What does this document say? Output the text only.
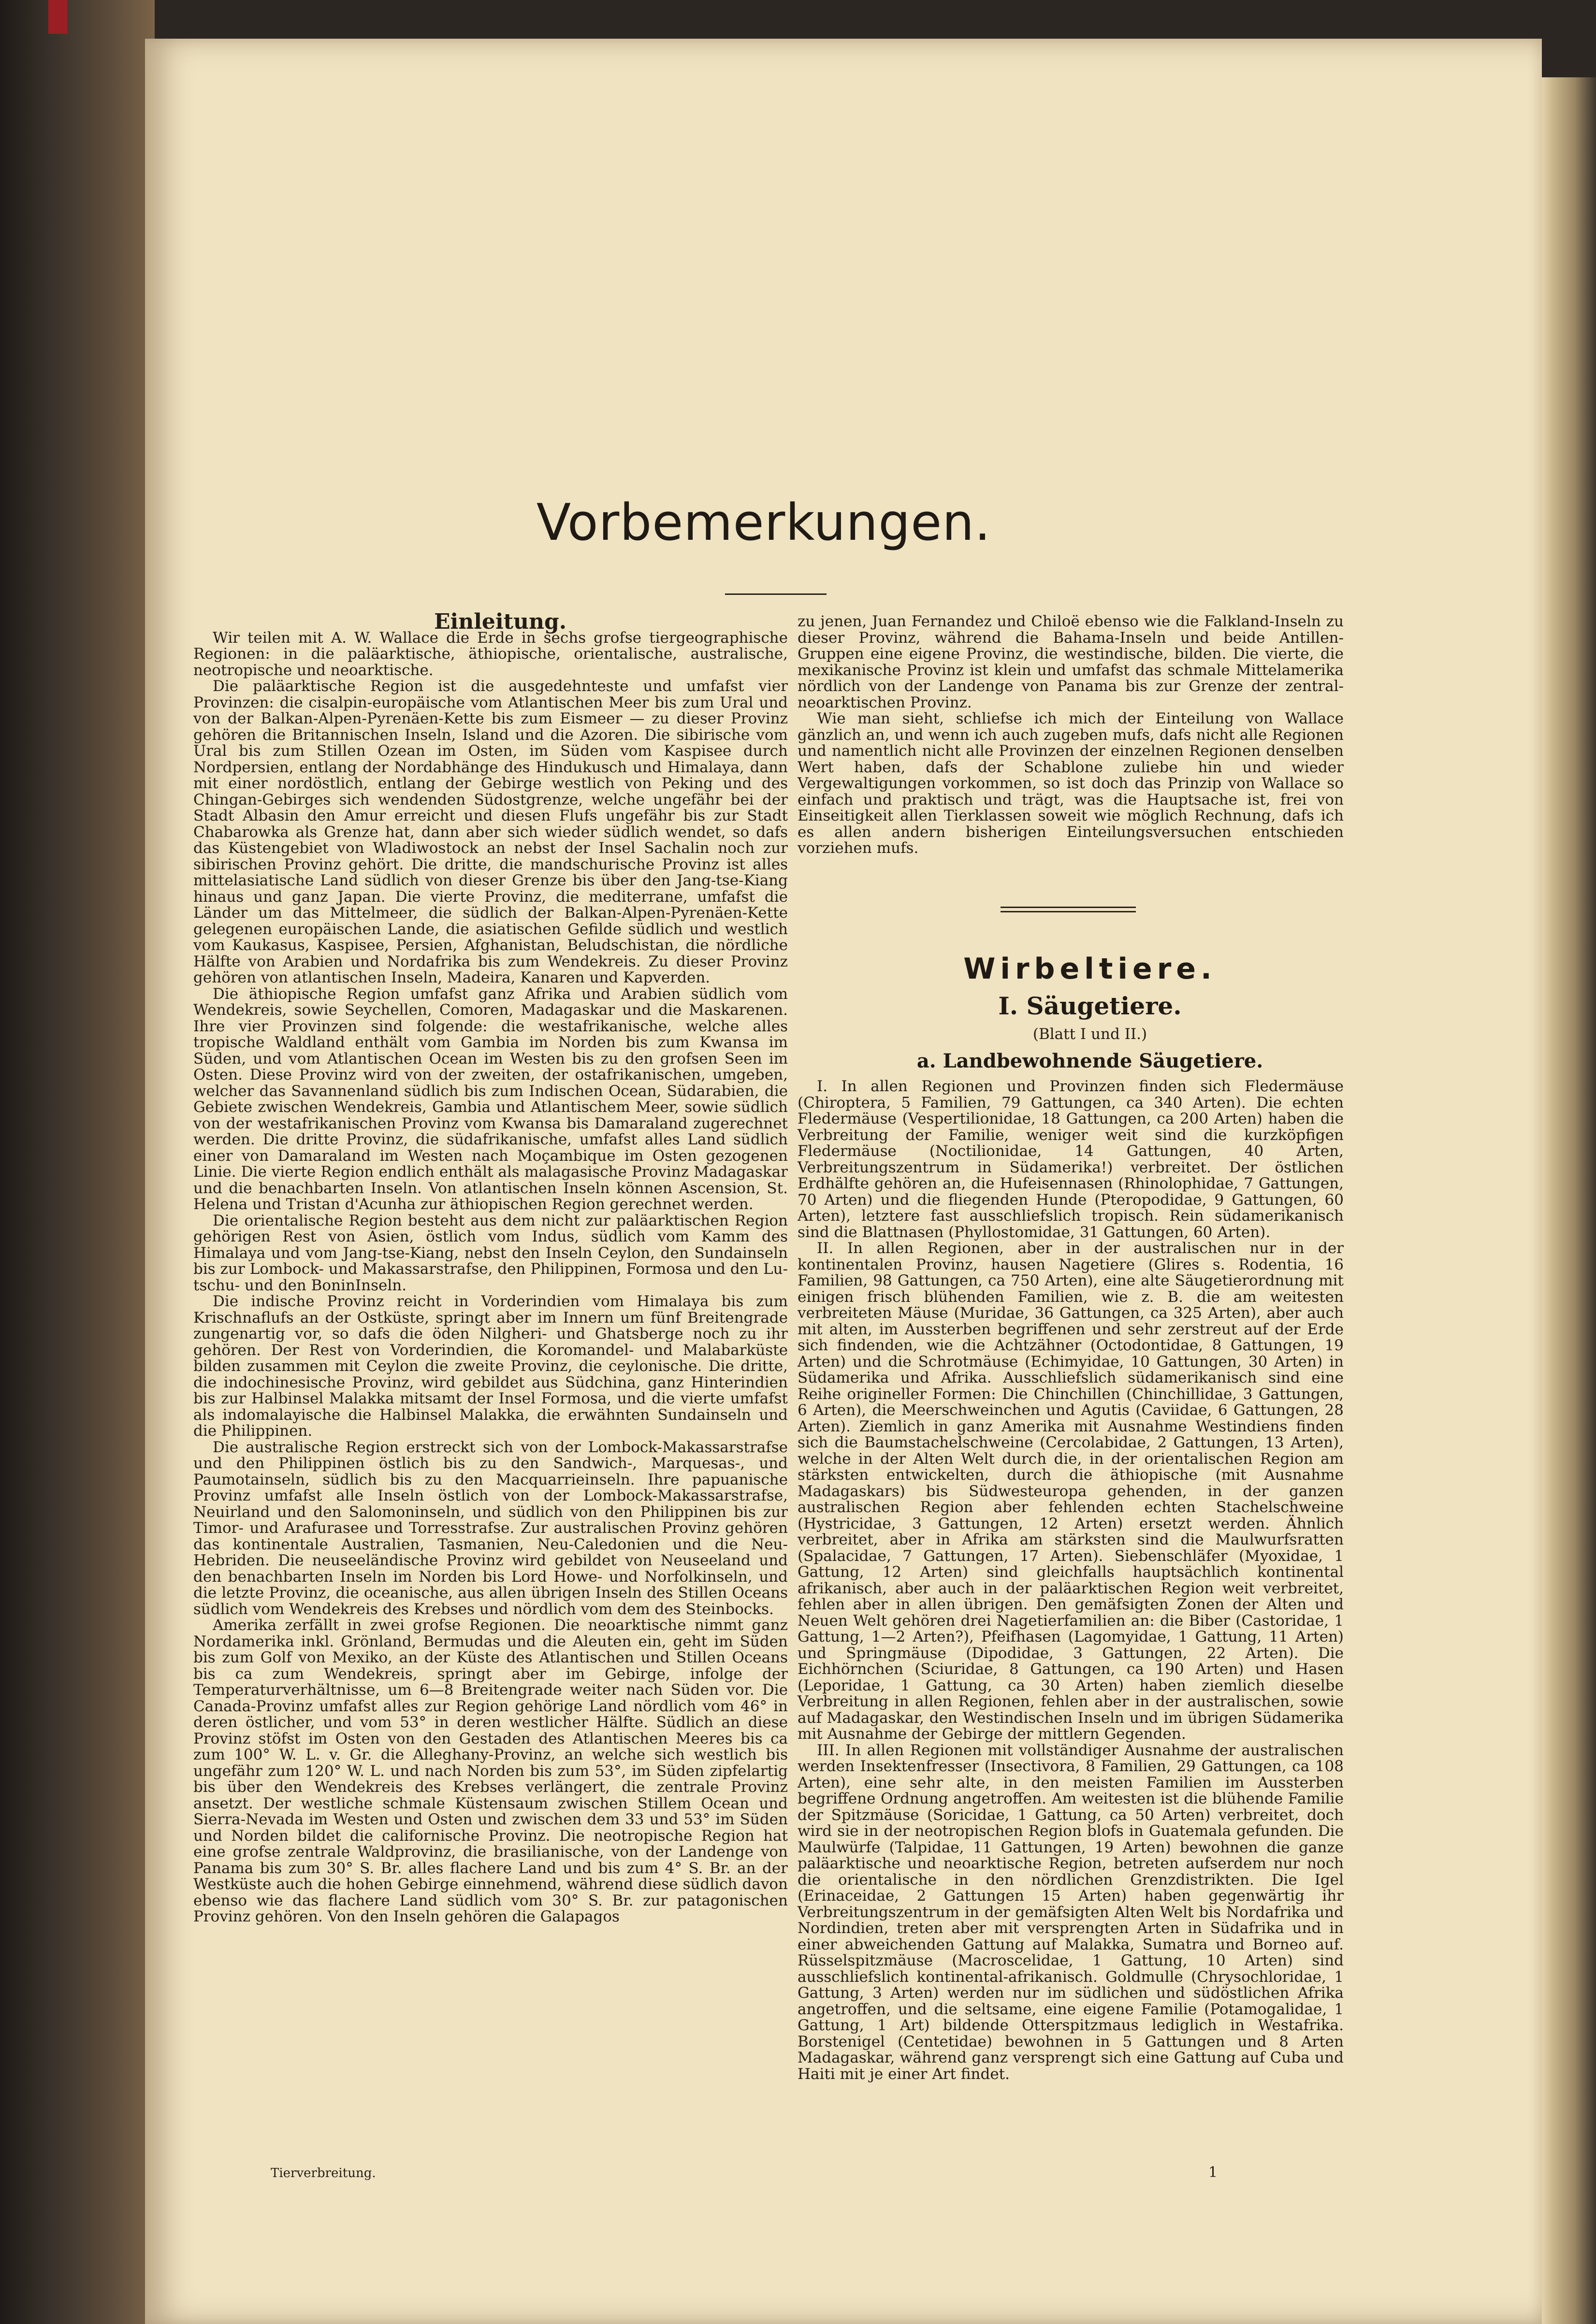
Vorbemerkungen.

Einleitung.

Wir teilen mit A. W. Wallace die Erde in sechs grofse tiergeographische Regionen: in die paläarktische, äthiopische, orientalische, australische, neotropische und neoarktische.

Die paläarktische Region ist die ausgedehnteste und umfafst vier Provinzen: die cisalpin-europäische vom Atlantischen Meer bis zum Ural und von der Balkan-Alpen-Pyrenäen-Kette bis zum Eismeer — zu dieser Provinz gehören die Britannischen Inseln, Island und die Azoren. Die sibirische vom Ural bis zum Stillen Ozean im Osten, im Süden vom Kaspisee durch Nordpersien, entlang der Nordabhänge des Hindukusch und Himalaya, dann mit einer nordöstlich, entlang der Gebirge westlich von Peking und des Chingan-Gebirges sich wendenden Südostgrenze, welche ungefähr bei der Stadt Albasin den Amur erreicht und diesen Flufs ungefähr bis zur Stadt Chabarowka als Grenze hat, dann aber sich wieder südlich wendet, so dafs das Küstengebiet von Wladiwostock an nebst der Insel Sachalin noch zur sibirischen Provinz gehört. Die dritte, die mandschurische Provinz ist alles mittelasiatische Land südlich von dieser Grenze bis über den Jang-tse-Kiang hinaus und ganz Japan. Die vierte Provinz, die mediterrane, umfafst die Länder um das Mittelmeer, die südlich der Balkan-Alpen-Pyrenäen-Kette gelegenen europäischen Lande, die asiatischen Gefilde südlich und westlich vom Kaukasus, Kaspisee, Persien, Afghanistan, Beludschistan, die nördliche Hälfte von Arabien und Nordafrika bis zum Wendekreis. Zu dieser Provinz gehören von atlantischen Inseln, Madeira, Kanaren und Kapverden.

Die äthiopische Region umfafst ganz Afrika und Arabien südlich vom Wendekreis, sowie Seychellen, Comoren, Madagaskar und die Maskarenen. Ihre vier Provinzen sind folgende: die westafrikanische, welche alles tropische Waldland enthält vom Gambia im Norden bis zum Kwansa im Süden, und vom Atlantischen Ocean im Westen bis zu den grofsen Seen im Osten. Diese Provinz wird von der zweiten, der ostafrikanischen, umgeben, welcher das Savannenland südlich bis zum Indischen Ocean, Südarabien, die Gebiete zwischen Wendekreis, Gambia und Atlantischem Meer, sowie südlich von der westafrikanischen Provinz vom Kwansa bis Damaraland zugerechnet werden. Die dritte Provinz, die südafrikanische, umfafst alles Land südlich einer von Damaraland im Westen nach Moçambique im Osten gezogenen Linie. Die vierte Region endlich enthält als malagasische Provinz Madagaskar und die benachbarten Inseln. Von atlantischen Inseln können Ascension, St. Helena und Tristan d'Acunha zur äthiopischen Region gerechnet werden.

Die orientalische Region besteht aus dem nicht zur paläarktischen Region gehörigen Rest von Asien, östlich vom Indus, südlich vom Kamm des Himalaya und vom Jang-tse-Kiang, nebst den Inseln Ceylon, den Sundainseln bis zur Lombock- und Makassarstrafse, den Philippinen, Formosa und den Lu-tschu- und den BoninInseln.

Die indische Provinz reicht in Vorderindien vom Himalaya bis zum Krischnaflufs an der Ostküste, springt aber im Innern um fünf Breitengrade zungenartig vor, so dafs die öden Nilgheri- und Ghatsberge noch zu ihr gehören. Der Rest von Vorderindien, die Koromandel- und Malabarküste bilden zusammen mit Ceylon die zweite Provinz, die ceylonische. Die dritte, die indochinesische Provinz, wird gebildet aus Südchina, ganz Hinterindien bis zur Halbinsel Malakka mitsamt der Insel Formosa, und die vierte umfafst als indomalayische die Halbinsel Malakka, die erwähnten Sundainseln und die Philippinen.

Die australische Region erstreckt sich von der Lombock-Makassarstrafse und den Philippinen östlich bis zu den Sandwich-, Marquesas-, und Paumotainseln, südlich bis zu den Macquarrieinseln. Ihre papuanische Provinz umfafst alle Inseln östlich von der Lombock-Makassarstrafse, Neuirland und den Salomoninseln, und südlich von den Philippinen bis zur Timor- und Arafurasee und Torresstrafse. Zur australischen Provinz gehören das kontinentale Australien, Tasmanien, Neu-Caledonien und die Neu-Hebriden. Die neuseeländische Provinz wird gebildet von Neuseeland und den benachbarten Inseln im Norden bis Lord Howe- und Norfolkinseln, und die letzte Provinz, die oceanische, aus allen übrigen Inseln des Stillen Oceans südlich vom Wendekreis des Krebses und nördlich vom dem des Steinbocks.

Amerika zerfällt in zwei grofse Regionen. Die neoarktische nimmt ganz Nordamerika inkl. Grönland, Bermudas und die Aleuten ein, geht im Süden bis zum Golf von Mexiko, an der Küste des Atlantischen und Stillen Oceans bis ca zum Wendekreis, springt aber im Gebirge, infolge der Temperaturverhältnisse, um 6—8 Breitengrade weiter nach Süden vor. Die Canada-Provinz umfafst alles zur Region gehörige Land nördlich vom 46° in deren östlicher, und vom 53° in deren westlicher Hälfte. Südlich an diese Provinz stöfst im Osten von den Gestaden des Atlantischen Meeres bis ca zum 100° W. L. v. Gr. die Alleghany-Provinz, an welche sich westlich bis ungefähr zum 120° W. L. und nach Norden bis zum 53°, im Süden zipfelartig bis über den Wendekreis des Krebses verlängert, die zentrale Provinz ansetzt. Der westliche schmale Küstensaum zwischen Stillem Ocean und Sierra-Nevada im Westen und Osten und zwischen dem 33 und 53° im Süden und Norden bildet die californische Provinz. Die neotropische Region hat eine grofse zentrale Waldprovinz, die brasilianische, von der Landenge von Panama bis zum 30° S. Br. alles flachere Land und bis zum 4° S. Br. an der Westküste auch die hohen Gebirge einnehmend, während diese südlich davon ebenso wie das flachere Land südlich vom 30° S. Br. zur patagonischen Provinz gehören. Von den Inseln gehören die Galapagos

zu jenen, Juan Fernandez und Chiloë ebenso wie die Falkland-Inseln zu dieser Provinz, während die Bahama-Inseln und beide Antillen-Gruppen eine eigene Provinz, die westindische, bilden. Die vierte, die mexikanische Provinz ist klein und umfafst das schmale Mittelamerika nördlich von der Landenge von Panama bis zur Grenze der zentral-neoarktischen Provinz.

Wie man sieht, schliefse ich mich der Einteilung von Wallace gänzlich an, und wenn ich auch zugeben mufs, dafs nicht alle Regionen und namentlich nicht alle Provinzen der einzelnen Regionen denselben Wert haben, dafs der Schablone zuliebe hin und wieder Vergewaltigungen vorkommen, so ist doch das Prinzip von Wallace so einfach und praktisch und trägt, was die Hauptsache ist, frei von Einseitigkeit allen Tierklassen soweit wie möglich Rechnung, dafs ich es allen andern bisherigen Einteilungsversuchen entschieden vorziehen mufs.

Wirbeltiere.
I. Säugetiere.
(Blatt I und II.)
a. Landbewohnende Säugetiere.

I. In allen Regionen und Provinzen finden sich Fledermäuse (Chiroptera, 5 Familien, 79 Gattungen, ca 340 Arten). Die echten Fledermäuse (Vespertilionidae, 18 Gattungen, ca 200 Arten) haben die Verbreitung der Familie, weniger weit sind die kurzköpfigen Fledermäuse (Noctilionidae, 14 Gattungen, 40 Arten, Verbreitungszentrum in Südamerika!) verbreitet. Der östlichen Erdhälfte gehören an, die Hufeisennasen (Rhinolophidae, 7 Gattungen, 70 Arten) und die fliegenden Hunde (Pteropodidae, 9 Gattungen, 60 Arten), letztere fast ausschliefslich tropisch. Rein südamerikanisch sind die Blattnasen (Phyllostomidae, 31 Gattungen, 60 Arten).

II. In allen Regionen, aber in der australischen nur in der kontinentalen Provinz, hausen Nagetiere (Glires s. Rodentia, 16 Familien, 98 Gattungen, ca 750 Arten), eine alte Säugetierordnung mit einigen frisch blühenden Familien, wie z. B. die am weitesten verbreiteten Mäuse (Muridae, 36 Gattungen, ca 325 Arten), aber auch mit alten, im Aussterben begriffenen und sehr zerstreut auf der Erde sich findenden, wie die Achtzähner (Octodontidae, 8 Gattungen, 19 Arten) und die Schrotmäuse (Echimyidae, 10 Gattungen, 30 Arten) in Südamerika und Afrika. Ausschliefslich südamerikanisch sind eine Reihe origineller Formen: Die Chinchillen (Chinchillidae, 3 Gattungen, 6 Arten), die Meerschweinchen und Agutis (Caviidae, 6 Gattungen, 28 Arten). Ziemlich in ganz Amerika mit Ausnahme Westindiens finden sich die Baumstachelschweine (Cercolabidae, 2 Gattungen, 13 Arten), welche in der Alten Welt durch die, in der orientalischen Region am stärksten entwickelten, durch die äthiopische (mit Ausnahme Madagaskars) bis Südwesteuropa gehenden, in der ganzen australischen Region aber fehlenden echten Stachelschweine (Hystricidae, 3 Gattungen, 12 Arten) ersetzt werden. Ähnlich verbreitet, aber in Afrika am stärksten sind die Maulwurfsratten (Spalacidae, 7 Gattungen, 17 Arten). Siebenschläfer (Myoxidae, 1 Gattung, 12 Arten) sind gleichfalls hauptsächlich kontinental afrikanisch, aber auch in der paläarktischen Region weit verbreitet, fehlen aber in allen übrigen. Den gemäfsigten Zonen der Alten und Neuen Welt gehören drei Nagetierfamilien an: die Biber (Castoridae, 1 Gattung, 1—2 Arten?), Pfeifhasen (Lagomyidae, 1 Gattung, 11 Arten) und Springmäuse (Dipodidae, 3 Gattungen, 22 Arten). Die Eichhörnchen (Sciuridae, 8 Gattungen, ca 190 Arten) und Hasen (Leporidae, 1 Gattung, ca 30 Arten) haben ziemlich dieselbe Verbreitung in allen Regionen, fehlen aber in der australischen, sowie auf Madagaskar, den Westindischen Inseln und im übrigen Südamerika mit Ausnahme der Gebirge der mittlern Gegenden.

III. In allen Regionen mit vollständiger Ausnahme der australischen werden Insektenfresser (Insectivora, 8 Familien, 29 Gattungen, ca 108 Arten), eine sehr alte, in den meisten Familien im Aussterben begriffene Ordnung angetroffen. Am weitesten ist die blühende Familie der Spitzmäuse (Soricidae, 1 Gattung, ca 50 Arten) verbreitet, doch wird sie in der neotropischen Region blofs in Guatemala gefunden. Die Maulwürfe (Talpidae, 11 Gattungen, 19 Arten) bewohnen die ganze paläarktische und neoarktische Region, betreten aufserdem nur noch die orientalische in den nördlichen Grenzdistrikten. Die Igel (Erinaceidae, 2 Gattungen 15 Arten) haben gegenwärtig ihr Verbreitungszentrum in der gemäfsigten Alten Welt bis Nordafrika und Nordindien, treten aber mit versprengten Arten in Südafrika und in einer abweichenden Gattung auf Malakka, Sumatra und Borneo auf. Rüsselspitzmäuse (Macroscelidae, 1 Gattung, 10 Arten) sind ausschliefslich kontinental-afrikanisch. Goldmulle (Chrysochloridae, 1 Gattung, 3 Arten) werden nur im südlichen und südöstlichen Afrika angetroffen, und die seltsame, eine eigene Familie (Potamogalidae, 1 Gattung, 1 Art) bildende Otterspitzmaus lediglich in Westafrika. Borstenigel (Centetidae) bewohnen in 5 Gattungen und 8 Arten Madagaskar, während ganz versprengt sich eine Gattung auf Cuba und Haiti mit je einer Art findet.

Tierverbreitung.	1
